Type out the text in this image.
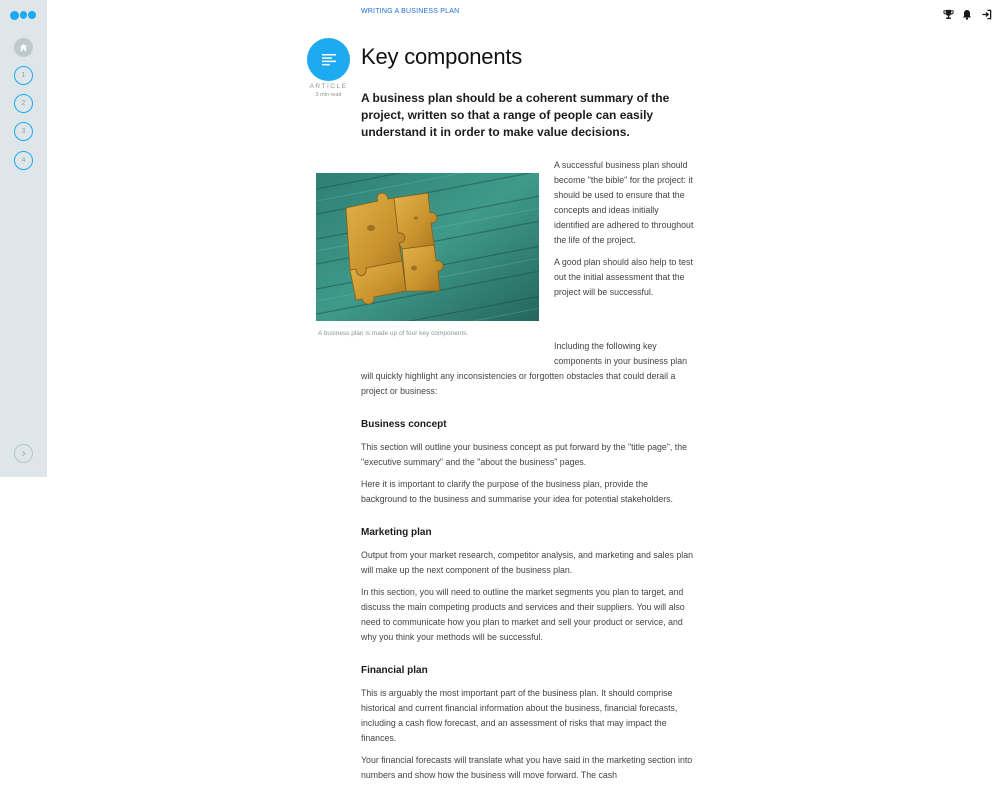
1
2
3
4
WRITING A BUSINESS PLAN
ARTICLE
3 min read
Key components

A business plan should be a coherent summary of the project, written so that a range of people can easily understand it in order to make value decisions.

A business plan is made up of four key components.

A successful business plan should become "the bible" for the project: it should be used to ensure that the concepts and ideas initially identified are adhered to throughout the life of the project.

A good plan should also help to test out the initial assessment that the project will be successful.

Including the following key components in your business plan will quickly highlight any inconsistencies or forgotten obstacles that could derail a project or business:

Business concept

This section will outline your business concept as put forward by the "title page", the "executive summary" and the "about the business" pages.

Here it is important to clarify the purpose of the business plan, provide the background to the business and summarise your idea for potential stakeholders.

Marketing plan

Output from your market research, competitor analysis, and marketing and sales plan will make up the next component of the business plan.

In this section, you will need to outline the market segments you plan to target, and discuss the main competing products and services and their suppliers. You will also need to communicate how you plan to market and sell your product or service, and why you think your methods will be successful.

Financial plan

This is arguably the most important part of the business plan. It should comprise historical and current financial information about the business, financial forecasts, including a cash flow forecast, and an assessment of risks that may impact the finances.

Your financial forecasts will translate what you have said in the marketing section into numbers and show how the business will move forward. The cash
